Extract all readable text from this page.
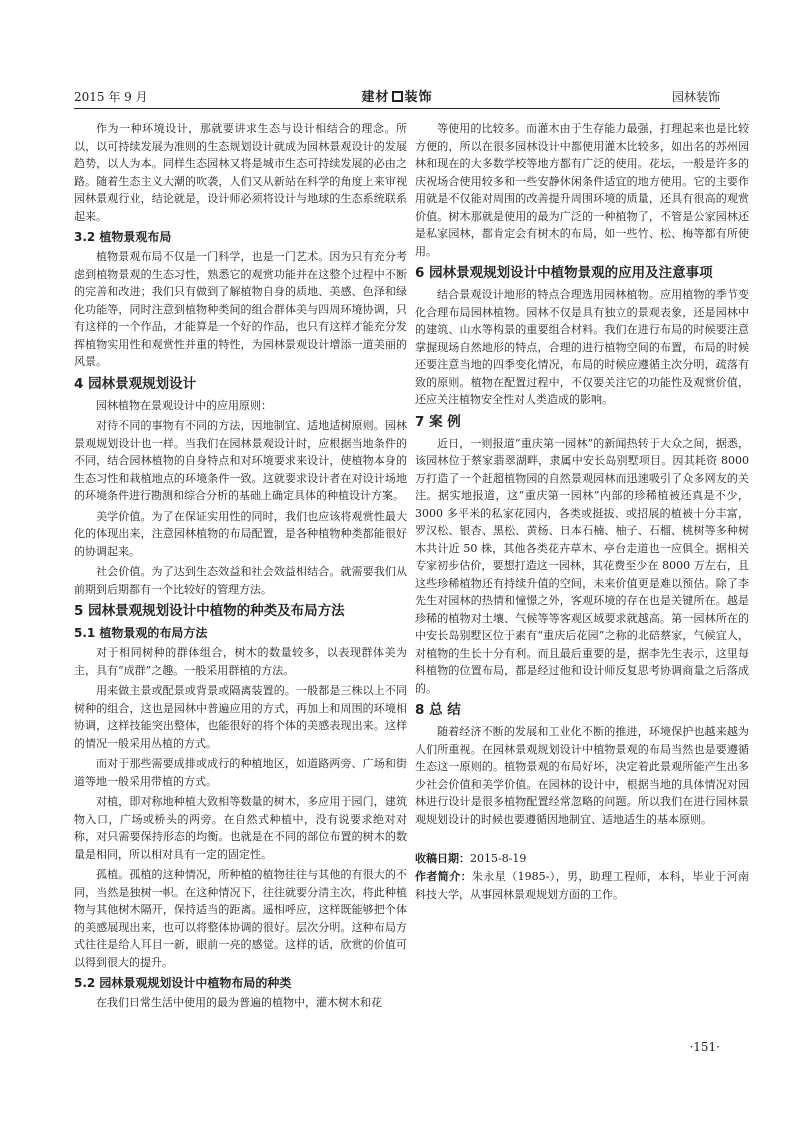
2015 年 9 月	建材 装饰	园林装饰

作为一种环境设计，那就要讲求生态与设计相结合的理念。所以，以可持续发展为准则的生态规划设计就成为园林景观设计的发展趋势，以人为本。同样生态园林又将是城市生态可持续发展的必由之路。随着生态主义大潮的吹袭，人们又从新站在科学的角度上来审视园林景观行业，结论就是，设计师必须将设计与地球的生态系统联系起来。

3.2 植物景观布局

植物景观布局不仅是一门科学，也是一门艺术。因为只有充分考虑到植物景观的生态习性，熟悉它的观赏功能并在这整个过程中不断的完善和改进；我们只有做到了解植物自身的质地、美感、色泽和绿化功能等，同时注意到植物种类间的组合群体美与四周环境协调，只有这样的一个作品，才能算是一个好的作品，也只有这样才能充分发挥植物实用性和观赏性并重的特性，为园林景观设计增添一道美丽的风景。

4 园林景观规划设计

园林植物在景观设计中的应用原则：

对待不同的事物有不同的方法，因地制宜、适地适树原则。园林景观规划设计也一样。当我们在园林景观设计时，应根据当地条件的不同，结合园林植物的自身特点和对环境要求来设计，使植物本身的生态习性和栽植地点的环境条件一致。这就要求设计者在对设计场地的环境条件进行勘测和综合分析的基础上确定具体的种植设计方案。

美学价值。为了在保证实用性的同时，我们也应该将观赏性最大化的体现出来，注意园林植物的布局配置，是各种植物种类都能很好的协调起来。

社会价值。为了达到生态效益和社会效益相结合。就需要我们从前期到后期都有一个比较好的管理方法。

5 园林景观规划设计中植物的种类及布局方法
5.1 植物景观的布局方法

对于相同树种的群体组合，树木的数量较多，以表现群体美为主，具有“成群”之趣。一般采用群植的方法。

用来做主景或配景或背景或隔离装置的。一般都是三株以上不同树种的组合，这也是园林中普遍应用的方式，再加上和周围的环境相协调，这样技能突出整体，也能很好的将个体的美感表现出来。这样的情况一般采用丛植的方式。

而对于那些需要成排或成行的种植地区，如道路两旁、广场和街道等地一般采用带植的方式。

对植，即对称地种植大致相等数量的树木，多应用于园门，建筑物入口，广场或桥头的两旁。在自然式种植中，没有说要求绝对对称，对只需要保持形态的均衡。也就是在不同的部位布置的树木的数量是相同，所以相对具有一定的固定性。

孤植。孤植的这种情况，所种植的植物往往与其他的有很大的不同，当然是独树一帜。在这种情况下，往往就要分清主次，将此种植物与其他树木隔开，保持适当的距离。遥相呼应，这样既能够把个体的美感展现出来，也可以将整体协调的很好。层次分明。这种布局方式往往是给人耳目一新，眼前一亮的感觉。这样的话，欣赏的价值可以得到很大的提升。

5.2 园林景观规划设计中植物布局的种类

在我们日常生活中使用的最为普遍的植物中，灌木树木和花

等使用的比较多。而灌木由于生存能力最强，打理起来也是比较方便的，所以在很多园林设计中都使用灌木比较多，如出名的苏州园林和现在的大多数学校等地方都有广泛的使用。花坛，一般是许多的庆祝场合使用较多和一些安静休闲条件适宜的地方使用。它的主要作用就是不仅能对周围的改善提升周围环境的质量，还具有很高的观赏价值。树木那就是使用的最为广泛的一种植物了，不管是公家园林还是私家园林，都肯定会有树木的布局，如一些竹、松、梅等都有所使用。

6 园林景观规划设计中植物景观的应用及注意事项

结合景观设计地形的特点合理选用园林植物。应用植物的季节变化合理布局园林植物。园林不仅是具有独立的景观表象，还是园林中的建筑、山水等构景的重要组合材料。我们在进行布局的时候要注意掌握现场自然地形的特点，合理的进行植物空间的布置，布局的时候还要注意当地的四季变化情况，布局的时候应遵循主次分明，疏落有致的原则。植物在配置过程中，不仅要关注它的功能性及观赏价值，还应关注植物安全性对人类造成的影响。

7 案 例

近日，一则报道“重庆第一园林”的新闻热转于大众之间，据悉，该园林位于蔡家翡翠湖畔，隶属中安长岛别墅项目。因其耗资 8000 万打造了一个赶超植物园的自然景观园林而迅速吸引了众多网友的关注。据实地报道，这“重庆第一园林”内部的珍稀植被还真是不少，3000 多平米的私家花园内，各类或挺拔、或招展的植被十分丰富，罗汉松、银杏、黑松、黄杨、日本石楠、柚子、石榴、桃树等多种树木共计近 50 株，其他各类花卉草木、亭台走道也一应俱全。据相关专家初步估价，要想打造这一园林，其花费至少在 8000 万左右，且这些珍稀植物还有持续升值的空间，未来价值更是难以预估。除了李先生对园林的热情和憧憬之外，客观环境的存在也是关键所在。越是珍稀的植物对土壤、气候等等客观区域要求就越高。第一园林所在的中安长岛别墅区位于素有“重庆后花园”之称的北碚蔡家，气候宜人，对植物的生长十分有利。而且最后重要的是，据李先生表示，这里每科植物的位置布局，都是经过他和设计师反复思考协调商量之后落成的。

8 总 结

随着经济不断的发展和工业化不断的推进，环境保护也越来越为人们所重视。在园林景观规划设计中植物景观的布局当然也是要遵循生态这一原则的。植物景观的布局好坏，决定着此景观所能产生出多少社会价值和美学价值。在园林的设计中，根据当地的具体情况对园林进行设计是很多植物配置经常忽略的问题。所以我们在进行园林景观规划设计的时候也要遵循因地制宜、适地适生的基本原则。

收稿日期：2015-8-19
作者简介：朱永星（1985-），男，助理工程师，本科，毕业于河南科技大学，从事园林景观规划方面的工作。
·151·
